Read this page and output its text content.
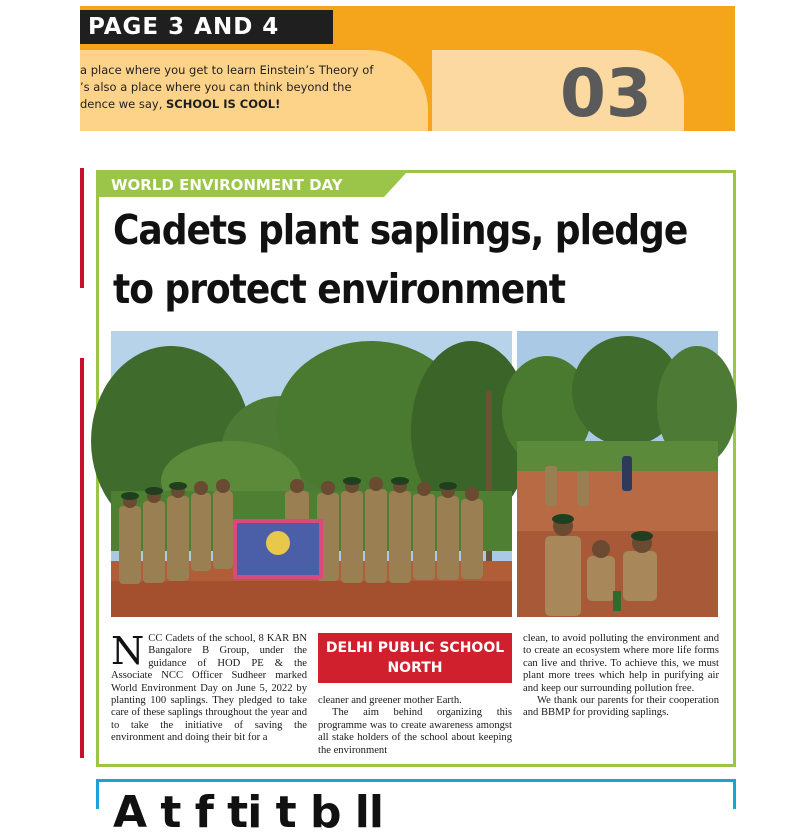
PAGE 3 AND 4
a place where you get to learn Einstein’s Theory of
’s also a place where you can think beyond the
dence we say, SCHOOL IS COOL!	03
WORLD ENVIRONMENT DAY
Cadets plant saplings, pledge
to protect environment
NCC Cadets of the school, 8 KAR BN Bangalore B Group, under the guidance of HOD PE & the Associate NCC Officer Sudheer marked World Environment Day on June 5, 2022 by planting 100 saplings. They pledged to take care of these saplings throughout the year and to take the initiative of saving the environment and doing their bit for a
DELHI PUBLIC SCHOOL
NORTH

cleaner and greener mother Earth.

The aim behind organizing this programme was to create awareness amongst all stake holders of the school about keeping the environment

clean, to avoid polluting the environment and to create an ecosystem where more life forms can live and thrive. To achieve this, we must plant more trees which help in purifying air and keep our surrounding pollution free.

We thank our parents for their cooperation and BBMP for providing saplings.

A t f ti t b ll
